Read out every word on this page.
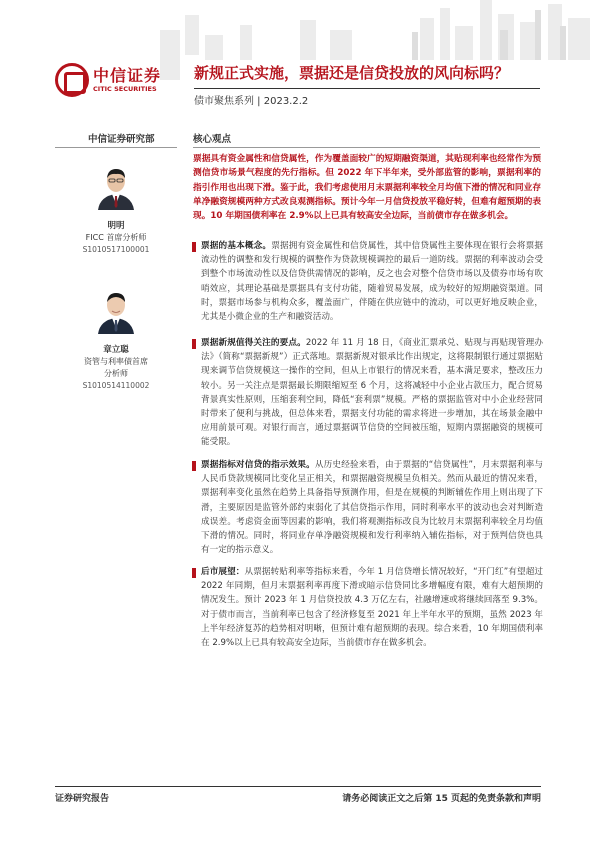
中信证券
CITIC SECURITIES
新规正式实施，票据还是信贷投放的风向标吗？
债市聚焦系列 | 2023.2.2
中信证券研究部
明明
FICC 首席分析师
S1010517100001
章立聪
资管与利率债首席
分析师
S1010514110002
核心观点
票据具有资金属性和信贷属性，作为覆盖面较广的短期融资渠道，其贴现利率也经常作为预测信贷市场景气程度的先行指标。但 2022 年下半年来，受外部监管的影响，票据利率的指引作用也出现下滑。鉴于此，我们考虑使用月末票据利率较全月均值下滑的情况和同业存单净融资规模两种方式改良观测指标。预计今年一月信贷投放平稳好转，但难有超预期的表现。10 年期国债利率在 2.9%以上已具有较高安全边际，当前债市存在做多机会。
票据的基本概念。票据拥有资金属性和信贷属性，其中信贷属性主要体现在银行会将票据流动性的调整和发行规模的调整作为贷款规模调控的最后一道防线。票据的利率波动会受到整个市场流动性以及信贷供需情况的影响，反之也会对整个信贷市场以及债券市场有吹哨效应，其理论基础是票据具有支付功能，随着贸易发展，成为较好的短期融资渠道。同时，票据市场参与机构众多，覆盖面广，伴随在供应链中的流动，可以更好地反映企业，尤其是小微企业的生产和融资活动。
票据新规值得关注的要点。2022 年 11 月 18 日，《商业汇票承兑、贴现与再贴现管理办法》（简称“票据新规”）正式落地。票据新规对银承比作出规定，这将限制银行通过票据贴现来调节信贷规模这一操作的空间，但从上市银行的情况来看，基本满足要求，整改压力较小。另一关注点是票据最长期限缩短至 6 个月，这将减轻中小企业占款压力，配合贸易背景真实性原则，压缩套利空间，降低“套利票”规模。严格的票据监管对中小企业经营同时带来了便利与挑战，但总体来看，票据支付功能的需求将进一步增加，其在场景金融中应用前景可观。对银行而言，通过票据调节信贷的空间被压缩，短期内票据融资的规模可能受限。
票据指标对信贷的指示效果。从历史经验来看，由于票据的“信贷属性”，月末票据利率与人民币贷款规模同比变化呈正相关，和票据融资规模呈负相关。然而从最近的情况来看，票据利率变化虽然在趋势上具备指导预测作用，但是在规模的判断辅佐作用上则出现了下滑，主要原因是监管外部约束弱化了其信贷指示作用，同时利率水平的波动也会对判断造成误差。考虑资金面等因素的影响，我们将观测指标改良为比较月末票据利率较全月均值下滑的情况。同时，将同业存单净融资规模和发行利率纳入辅佐指标，对于预判信贷也具有一定的指示意义。
后市展望：从票据转贴利率等指标来看，今年 1 月信贷增长情况较好，“开门红”有望超过 2022 年同期，但月末票据利率再度下滑或暗示信贷同比多增幅度有限，难有大超预期的情况发生。预计 2023 年 1 月信贷投放 4.3 万亿左右，社融增速或将继续回落至 9.3%。对于债市而言，当前利率已包含了经济修复至 2021 年上半年水平的预期，虽然 2023 年上半年经济复苏的趋势相对明晰，但预计难有超预期的表现。综合来看，10 年期国债利率在 2.9%以上已具有较高安全边际，当前债市存在做多机会。
证券研究报告	请务必阅读正文之后第 15 页起的免责条款和声明
